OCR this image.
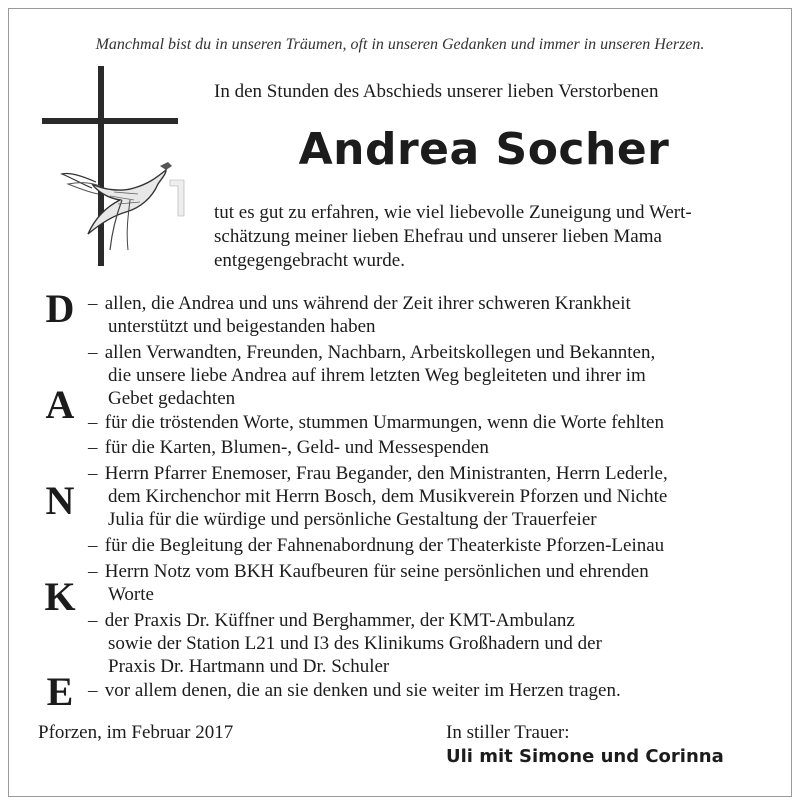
Manchmal bist du in unseren Träumen, oft in unseren Gedanken und immer in unseren Herzen.
In den Stunden des Abschieds unserer lieben Verstorbenen
Andrea Socher
tut es gut zu erfahren, wie viel liebevolle Zuneigung und Wert-
schätzung meiner lieben Ehefrau und unserer lieben Mama
entgegengebracht wurde.
D
A
N
K
E
– allen, die Andrea und uns während der Zeit ihrer schweren Krankheit
unterstützt und beigestanden haben
– allen Verwandten, Freunden, Nachbarn, Arbeitskollegen und Bekannten,
die unsere liebe Andrea auf ihrem letzten Weg begleiteten und ihrer im
Gebet gedachten
– für die tröstenden Worte, stummen Umarmungen, wenn die Worte fehlten
– für die Karten, Blumen-, Geld- und Messespenden
– Herrn Pfarrer Enemoser, Frau Begander, den Ministranten, Herrn Lederle,
dem Kirchenchor mit Herrn Bosch, dem Musikverein Pforzen und Nichte
Julia für die würdige und persönliche Gestaltung der Trauerfeier
– für die Begleitung der Fahnenabordnung der Theaterkiste Pforzen-Leinau
– Herrn Notz vom BKH Kaufbeuren für seine persönlichen und ehrenden
Worte
– der Praxis Dr. Küffner und Berghammer, der KMT-Ambulanz
sowie der Station L21 und I3 des Klinikums Großhadern und der
Praxis Dr. Hartmann und Dr. Schuler
– vor allem denen, die an sie denken und sie weiter im Herzen tragen.
Pforzen, im Februar 2017	In stiller Trauer:
Uli mit Simone und Corinna
